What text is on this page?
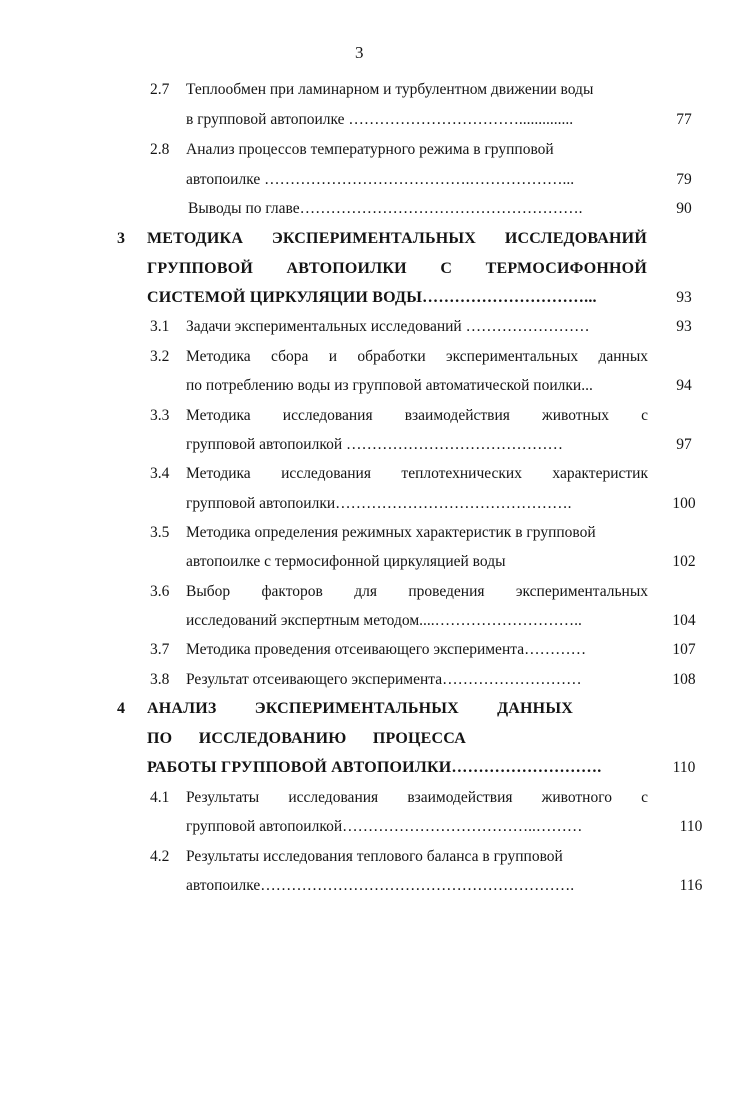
3
2.7 Теплообмен при ламинарном и турбулентном движении воды
в групповой автопоилке ……………………………..............	77
2.8 Анализ процессов температурного режима в групповой
автопоилке ………………………………….………………...	79
Выводы по главе……………………………………………….	90
3 МЕТОДИКА ЭКСПЕРИМЕНТАЛЬНЫХ ИССЛЕДОВАНИЙ
ГРУППОВОЙ АВТОПОИЛКИ С ТЕРМОСИФОННОЙ
СИСТЕМОЙ ЦИРКУЛЯЦИИ ВОДЫ…………………………...	93
3.1 Задачи экспериментальных исследований ……………………	93
3.2 Методика сбора и обработки экспериментальных данных
по потреблению воды из групповой автоматической поилки...	94
3.3 Методика исследования взаимодействия животных с
групповой автопоилкой ……………………………………	97
3.4 Методика исследования теплотехнических характеристик
групповой автопоилки……………………………………….	100
3.5 Методика определения режимных характеристик в групповой
автопоилке с термосифонной циркуляцией воды	102
3.6 Выбор факторов для проведения экспериментальных
исследований экспертным методом....………………………..	104
3.7 Методика проведения отсеивающего эксперимента…………	107
3.8 Результат отсеивающего эксперимента………………………	108
4 АНАЛИЗ ЭКСПЕРИМЕНТАЛЬНЫХ ДАННЫХ
ПО ИССЛЕДОВАНИЮ ПРОЦЕССА
РАБОТЫ ГРУППОВОЙ АВТОПОИЛКИ……………………….	110
4.1 Результаты исследования взаимодействия животного с
групповой автопоилкой………………………………..………	110
4.2 Результаты исследования теплового баланса в групповой
автопоилке…………………………………………………….	116
